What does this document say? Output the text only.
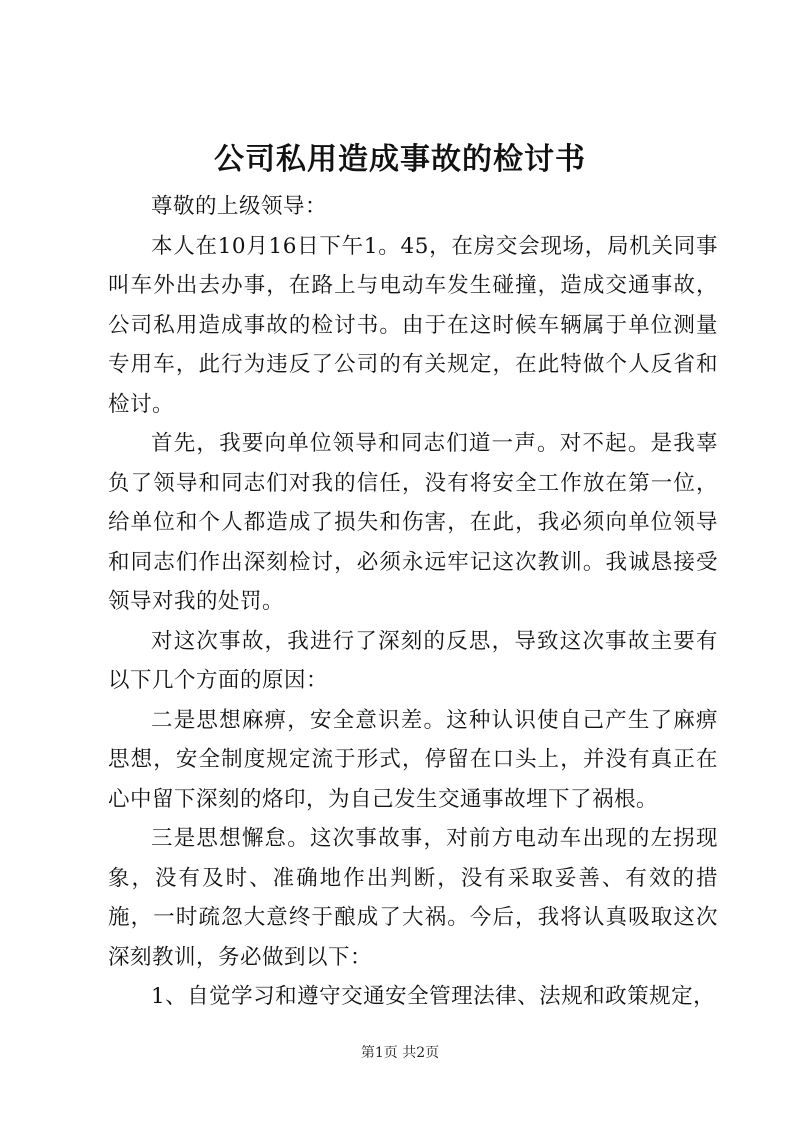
公司私用造成事故的检讨书

尊敬的上级领导：

本人在10月16日下午1。45，在房交会现场，局机关同事叫车外出去办事，在路上与电动车发生碰撞，造成交通事故，公司私用造成事故的检讨书。由于在这时候车辆属于单位测量专用车，此行为违反了公司的有关规定，在此特做个人反省和检讨。

首先，我要向单位领导和同志们道一声。对不起。是我辜负了领导和同志们对我的信任，没有将安全工作放在第一位，给单位和个人都造成了损失和伤害，在此，我必须向单位领导和同志们作出深刻检讨，必须永远牢记这次教训。我诚恳接受领导对我的处罚。

对这次事故，我进行了深刻的反思，导致这次事故主要有以下几个方面的原因：

二是思想麻痹，安全意识差。这种认识使自己产生了麻痹思想，安全制度规定流于形式，停留在口头上，并没有真正在心中留下深刻的烙印，为自己发生交通事故埋下了祸根。

三是思想懈怠。这次事故事，对前方电动车出现的左拐现象，没有及时、准确地作出判断，没有采取妥善、有效的措施，一时疏忽大意终于酿成了大祸。今后，我将认真吸取这次深刻教训，务必做到以下：

1、自觉学习和遵守交通安全管理法律、法规和政策规定，

第1页 共2页
